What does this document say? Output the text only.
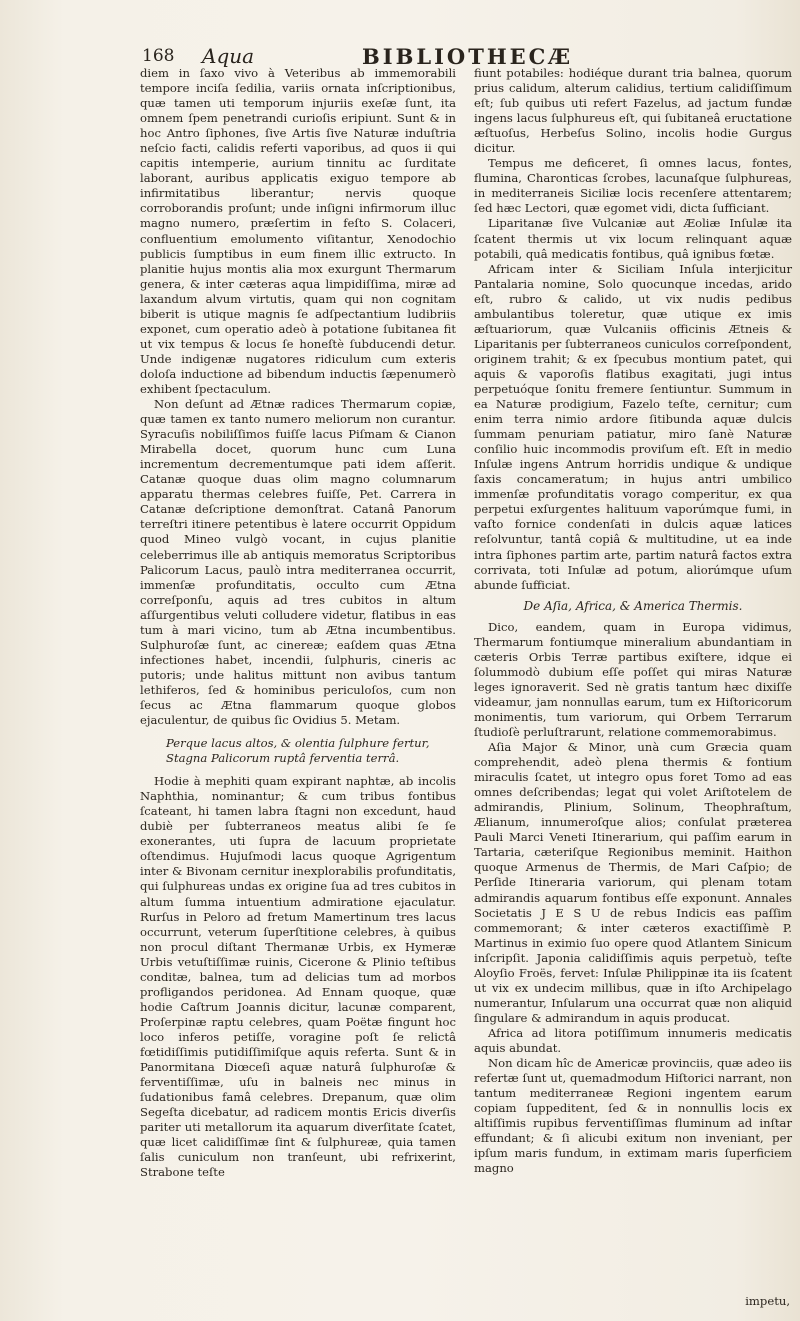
168 Aqua	BIBLIOTHECÆ

diem in ſaxo vivo à Veteribus ab immemorabili tempore inciſa ſedilia, variis ornata inſcriptionibus, quæ tamen uti temporum injuriis exeſæ ſunt, ita omnem ſpem penetrandi curioſis eripiunt. Sunt & in hoc Antro ſiphones, ſive Artis ſive Naturæ induſtria neſcio facti, calidis referti vaporibus, ad quos ii qui capitis intemperie, aurium tinnitu ac ſurditate laborant, auribus applicatis exiguo tempore ab infirmitatibus liberantur; nervis quoque corroborandis proſunt; unde inſigni infirmorum illuc magno numero, præſertim in feſto S. Colaceri, confluentium emolumento viſitantur, Xenodochio publicis ſumptibus in eum finem illic extructo. In planitie hujus montis alia mox exurgunt Thermarum genera, & inter cæteras aqua limpidiſſima, miræ ad laxandum alvum virtutis, quam qui non cognitam biberit is utique magnis ſe adſpectantium ludibriis exponet, cum operatio adeò à potatione ſubitanea fit ut vix tempus & locus ſe honeſtè ſubducendi detur. Unde indigenæ nugatores ridiculum cum exteris doloſa inductione ad bibendum inductis ſæpenumerò exhibent ſpectaculum.

Non deſunt ad Ætnæ radices Thermarum copiæ, quæ tamen ex tanto numero meliorum non curantur. Syracuſis nobiliſſimos fuiſſe lacus Piſmam & Cianon Mirabella docet, quorum hunc cum Luna incrementum decrementumque pati idem aſſerit. Catanæ quoque duas olim magno columnarum apparatu thermas celebres fuiſſe, Pet. Carrera in Catanæ deſcriptione demonſtrat. Catanâ Panorum terreſtri itinere petentibus è latere occurrit Oppidum quod Mineo vulgò vocant, in cujus planitie celeberrimus ille ab antiquis memoratus Scriptoribus Palicorum Lacus, paulò intra mediterranea occurrit, immenſæ profunditatis, occulto cum Ætna correſponſu, aquis ad tres cubitos in altum aſſurgentibus veluti colludere videtur, flatibus in eas tum à mari vicino, tum ab Ætna incumbentibus. Sulphuroſæ ſunt, ac cinereæ; eaſdem quas Ætna infectiones habet, incendii, ſulphuris, cineris ac putoris; unde halitus mittunt non avibus tantum lethiferos, ſed & hominibus periculoſos, cum non ſecus ac Ætna flammarum quoque globos ejaculentur, de quibus ſic Ovidius 5. Metam.

Perque lacus altos, & olentia ſulphure fertur,

Stagna Palicorum ruptâ ferventia terrâ.

Hodie à mephiti quam expirant naphtæ, ab incolis Naphthia, nominantur; & cum tribus fontibus ſcateant, hi tamen labra ſtagni non excedunt, haud dubiè per ſubterraneos meatus alibi ſe ſe exonerantes, uti ſupra de lacuum proprietate oſtendimus. Hujuſmodi lacus quoque Agrigentum inter & Bivonam cernitur inexplorabilis profunditatis, qui ſulphureas undas ex origine ſua ad tres cubitos in altum ſumma intuentium admiratione ejaculatur. Rurſus in Peloro ad fretum Mamertinum tres lacus occurrunt, veterum ſuperſtitione celebres, à quibus non procul diſtant Thermanæ Urbis, ex Hymeræ Urbis vetuſtiſſimæ ruinis, Cicerone & Plinio teſtibus conditæ, balnea, tum ad delicias tum ad morbos profligandos peridonea. Ad Ennam quoque, quæ hodie Caſtrum Joannis dicitur, lacunæ comparent, Proſerpinæ raptu celebres, quam Poëtæ fingunt hoc loco inferos petiſſe, voragine poſt ſe relictâ fœtidiſſimis putidiſſimiſque aquis referta. Sunt & in Panormitana Diœceſi aquæ naturâ ſulphuroſæ & ferventiſſimæ, uſu in balneis nec minus in ſudationibus famâ celebres. Drepanum, quæ olim Segeſta dicebatur, ad radicem montis Ericis diverſis pariter uti metallorum ita aquarum diverſitate ſcatet, quæ licet calidiſſimæ ſint & ſulphureæ, quia tamen ſalis cuniculum non tranſeunt, ubi refrixerint, Strabone teſte

fiunt potabiles: hodiéque durant tria balnea, quorum prius calidum, alterum calidius, tertium calidiſſimum eſt; ſub quibus uti refert Fazelus, ad jactum fundæ ingens lacus ſulphureus eſt, qui ſubitaneâ eructatione æſtuoſus, Herbeſus Solino, incolis hodie Gurgus dicitur.

Tempus me deficeret, ſi omnes lacus, fontes, flumina, Charonticas ſcrobes, lacunaſque ſulphureas, in mediterraneis Siciliæ locis recenſere attentarem; ſed hæc Lectori, quæ egomet vidi, dicta ſufficiant.

Liparitanæ ſive Vulcaniæ aut Æoliæ Inſulæ ita ſcatent thermis ut vix locum relinquant aquæ potabili, quâ medicatis fontibus, quâ ignibus fœtæ.

Africam inter & Siciliam Inſula interjicitur Pantalaria nomine, Solo quocunque incedas, arido eſt, rubro & calido, ut vix nudis pedibus ambulantibus toleretur, quæ utique ex imis æſtuariorum, quæ Vulcaniis officinis Ætneis & Liparitanis per ſubterraneos cuniculos correſpondent, originem trahit; & ex ſpecubus montium patet, qui aquis & vaporoſis flatibus exagitati, jugi intus perpetuóque ſonitu fremere ſentiuntur. Summum in ea Naturæ prodigium, Fazelo teſte, cernitur; cum enim terra nimio ardore ſitibunda aquæ dulcis ſummam penuriam patiatur, miro ſanè Naturæ conſilio huic incommodis proviſum eſt. Eſt in medio Inſulæ ingens Antrum horridis undique & undique ſaxis concameratum; in hujus antri umbilico immenſæ profunditatis vorago comperitur, ex qua perpetui exſurgentes halituum vaporúmque fumi, in vaſto fornice condenſati in dulcis aquæ latices reſolvuntur, tantâ copiâ & multitudine, ut ea inde intra ſiphones partim arte, partim naturâ factos extra corrivata, toti Inſulæ ad potum, aliorúmque uſum abunde ſufficiat.

De Aſia, Africa, & America Thermis.

Dico, eandem, quam in Europa vidimus, Thermarum fontiumque mineralium abundantiam in cæteris Orbis Terræ partibus exiſtere, idque ei ſolummodò dubium eſſe poſſet qui miras Naturæ leges ignoraverit. Sed nè gratis tantum hæc dixiſſe videamur, jam nonnullas earum, tum ex Hiſtoricorum monimentis, tum variorum, qui Orbem Terrarum ſtudioſè perluſtrarunt, relatione commemorabimus.

Aſia Major & Minor, unà cum Græcia quam comprehendit, adeò plena thermis & fontium miraculis ſcatet, ut integro opus foret Tomo ad eas omnes deſcribendas; legat qui volet Ariſtotelem de admirandis, Plinium, Solinum, Theophraſtum, Ælianum, innumeroſque alios; conſulat præterea Pauli Marci Veneti Itinerarium, qui paſſim earum in Tartaria, cæteriſque Regionibus meminit. Haithon quoque Armenus de Thermis, de Mari Caſpio; de Perſide Itineraria variorum, qui plenam totam admirandis aquarum fontibus eſſe exponunt. Annales Societatis J E S U de rebus Indicis eas paſſim commemorant; & inter cæteros exactiſſimè P. Martinus in eximio ſuo opere quod Atlantem Sinicum inſcripſit. Japonia calidiſſimis aquis perpetuò, teſte Aloyſio Froës, fervet: Inſulæ Philippinæ ita iis ſcatent ut vix ex undecim millibus, quæ in iſto Archipelago numerantur, Inſularum una occurrat quæ non aliquid ſingulare & admirandum in aquis producat.

Africa ad litora potiſſimum innumeris medicatis aquis abundat.

Non dicam hîc de Americæ provinciis, quæ adeo iis refertæ ſunt ut, quemadmodum Hiſtorici narrant, non tantum mediterraneæ Regioni ingentem earum copiam ſuppeditent, ſed & in nonnullis locis ex altiſſimis rupibus ferventiſſimas fluminum ad inſtar effundant; & ſi alicubi exitum non inveniant, per ipſum maris fundum, in extimam maris ſuperficiem magno

impetu,
